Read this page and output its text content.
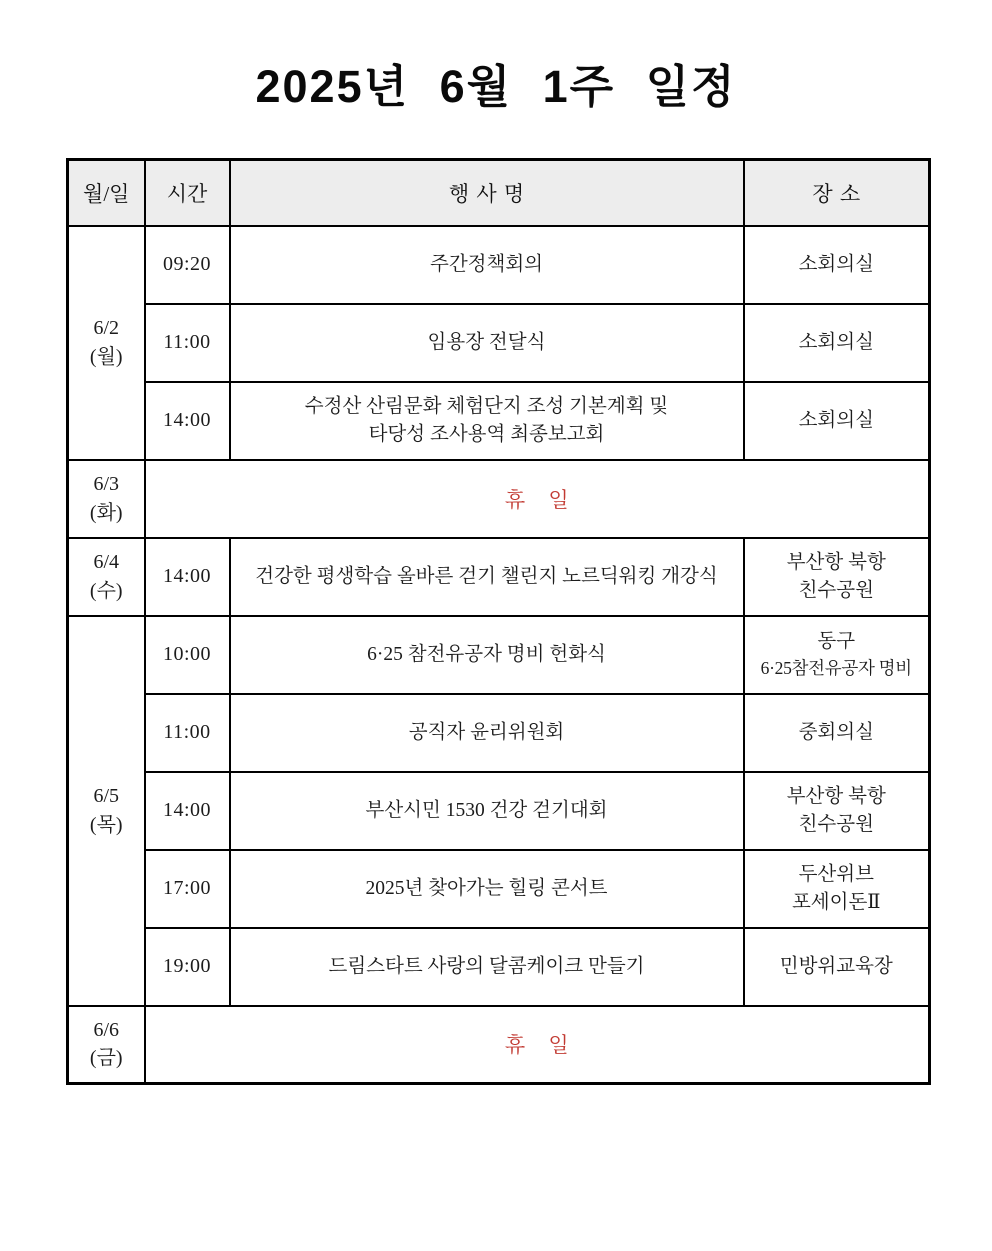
2025년 6월 1주 일정
월/일	시간	행 사 명	장 소

6/2
(월)	09:20	주간정책회의	소회의실

	11:00	임용장 전달식	소회의실

	14:00	수정산 산림문화 체험단지 조성 기본계획 및
타당성 조사용역 최종보고회	소회의실

6/3
(화)	휴 일		

6/4
(수)	14:00	건강한 평생학습 올바른 걷기 챌린지 노르딕워킹 개강식	부산항 북항
친수공원

6/5
(목)	10:00	6·25 참전유공자 명비 헌화식	동구
6·25참전유공자 명비

	11:00	공직자 윤리위원회	중회의실

	14:00	부산시민 1530 건강 걷기대회	부산항 북항
친수공원

	17:00	2025년 찾아가는 힐링 콘서트	두산위브
포세이돈Ⅱ

	19:00	드림스타트 사랑의 달콤케이크 만들기	민방위교육장

6/6
(금)	휴 일		
